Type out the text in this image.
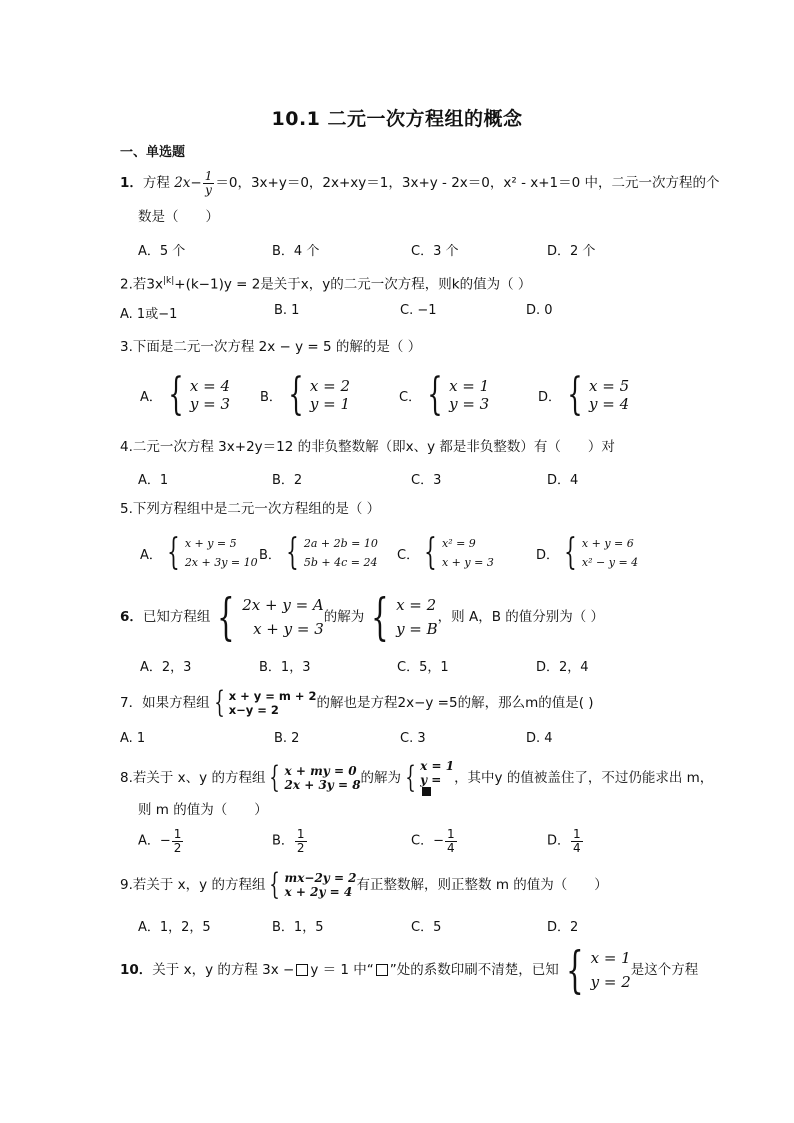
10.1 二元一次方程组的概念
一、单选题
1．方程 $2x- \frac{1}{y} =0$，3x+y＝0，2x+xy＝1，3x+y - 2x＝0，x² - x+1＝0 中，二元一次方程的个
数是（　　）
A．5 个	B．4 个	C．3 个	D．2 个
2.若$3x^{|k|}+(k-1)y = 2$是关于x，y的二元一次方程，则k的值为（ ）
A. 1或−1	B. 1	C. −1	D. 0
3.下面是二元一次方程 2x − y = 5 的解的是（ ）
A． { x = 4
y = 3 B． { x = 2
y = 1	C． { x = 1
y = 3	D． { x = 5
y = 4
4.二元一次方程 3x+2y＝12 的非负整数解（即x、y 都是非负整数）有（　　）对
A．1	B．2	C．3	D．4
5.下列方程组中是二元一次方程组的是（ ）
A． { x + y = 5
2x + 3y = 10 B． { 2a + 2b = 10
5b + 4c = 24 C． { x² = 9
x + y = 3	D． { x + y = 6
x² − y = 4
6． 已知方程组 { 2x + y = A
x + y = 3
的解为 { x = 2
y = B
，则 A，B 的值分别为（ ）
A．2，3	B．1，3	C．5，1	D．2，4
7． 如果方程组 { x + y = m + 2
x−y = 2	的解也是方程2x−y =5的解，那么m的值是( )
A. 1	B. 2	C. 3	D. 4
8. 若关于 x、y 的方程组 { x + my = 0
2x + 3y = 8 的解为 { x = 1
y = ，其中y 的值被盖住了，不过仍能求出 m，
则 m 的值为（　　）
A．− $\frac{1}{2}$	B． $\frac{1}{2}$	C．− $\frac{1}{4}$	D． $\frac{1}{4}$
9. 若关于 x，y 的方程组 { mx−2y = 2
x + 2y = 4 有正整数解，则正整数 m 的值为（　　）
A．1，2，5	B．1，5	C．5	D．2
10． 关于 x，y 的方程 3x − y ＝ 1 中“ ”处的系数印刷不清楚，已知 { x = 1
y = 2
是这个方程
